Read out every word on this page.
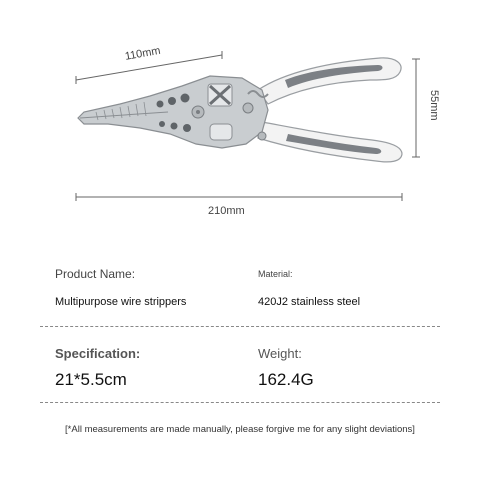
110mm
210mm
55mm
Product Name:	Material:
Multipurpose wire strippers	420J2 stainless steel
Specification:	Weight:
21*5.5cm	162.4G
[*All measurements are made manually, please forgive me for any slight deviations]
